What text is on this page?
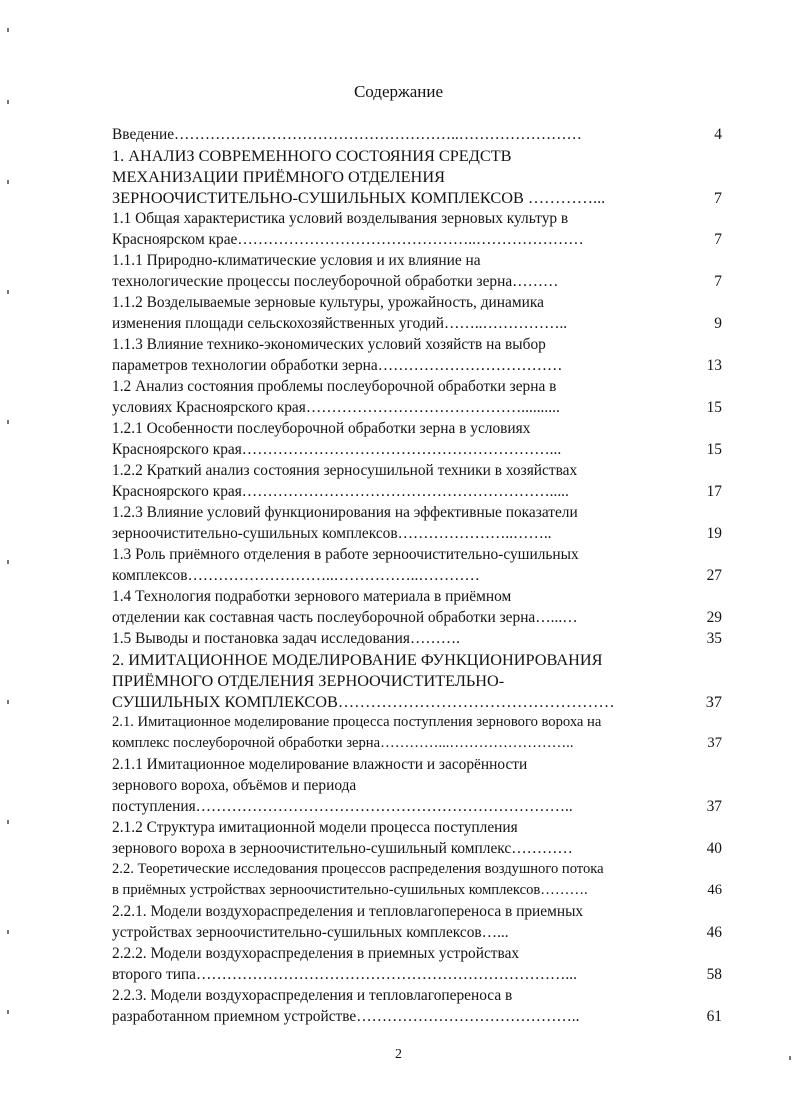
Содержание
Введение………………………………………………..……………………	4
1. АНАЛИЗ СОВРЕМЕННОГО СОСТОЯНИЯ СРЕДСТВ
МЕХАНИЗАЦИИ ПРИЁМНОГО ОТДЕЛЕНИЯ
ЗЕРНООЧИСТИТЕЛЬНО-СУШИЛЬНЫХ КОМПЛЕКСОВ …………...	7
1.1 Общая характеристика условий возделывания зерновых культур в
Красноярском крае………………………………………..…………………	7
1.1.1 Природно-климатические условия и их влияние на
технологические процессы послеуборочной обработки зерна………	7
1.1.2 Возделываемые зерновые культуры, урожайность, динамика
изменения площади сельскохозяйственных угодий……..……………..	9
1.1.3 Влияние технико-экономических условий хозяйств на выбор
параметров технологии обработки зерна………………………………	13
1.2 Анализ состояния проблемы послеуборочной обработки зерна в
условиях Красноярского края……………………………………..........	15
1.2.1 Особенности послеуборочной обработки зерна в условиях
Красноярского края……………………………………………………...	15
1.2.2 Краткий анализ состояния зерносушильной техники в хозяйствах
Красноярского края…………………………………………………….....	17
1.2.3 Влияние условий функционирования на эффективные показатели
зерноочистительно-сушильных комплексов…………………..……..	19
1.3 Роль приёмного отделения в работе зерноочистительно-сушильных
комплексов………………………..……………..…………	27
1.4 Технология подработки зернового материала в приёмном
отделении как составная часть послеуборочной обработки зерна…...…	29
1.5 Выводы и постановка задач исследования……….	35
2. ИМИТАЦИОННОЕ МОДЕЛИРОВАНИЕ ФУНКЦИОНИРОВАНИЯ
ПРИЁМНОГО ОТДЕЛЕНИЯ ЗЕРНООЧИСТИТЕЛЬНО-
СУШИЛЬНЫХ КОМПЛЕКСОВ……………………………………………	37
2.1. Имитационное моделирование процесса поступления зернового вороха на
комплекс послеуборочной обработки зерна…………...……………………..	37
2.1.1 Имитационное моделирование влажности и засорённости
зернового вороха, объёмов и периода
поступления………………………………………………………………..	37
2.1.2 Структура имитационной модели процесса поступления
зернового вороха в зерноочистительно-сушильный комплекс…………	40
2.2. Теоретические исследования процессов распределения воздушного потока
в приёмных устройствах зерноочистительно-сушильных комплексов……….	46
2.2.1. Модели воздухораспределения и тепловлагопереноса в приемных
устройствах зерноочистительно-сушильных комплексов…...	46
2.2.2. Модели воздухораспределения в приемных устройствах
второго типа………………………………………………………………...	58
2.2.3. Модели воздухораспределения и тепловлагопереноса в
разработанном приемном устройстве……………………………………..	61
2
